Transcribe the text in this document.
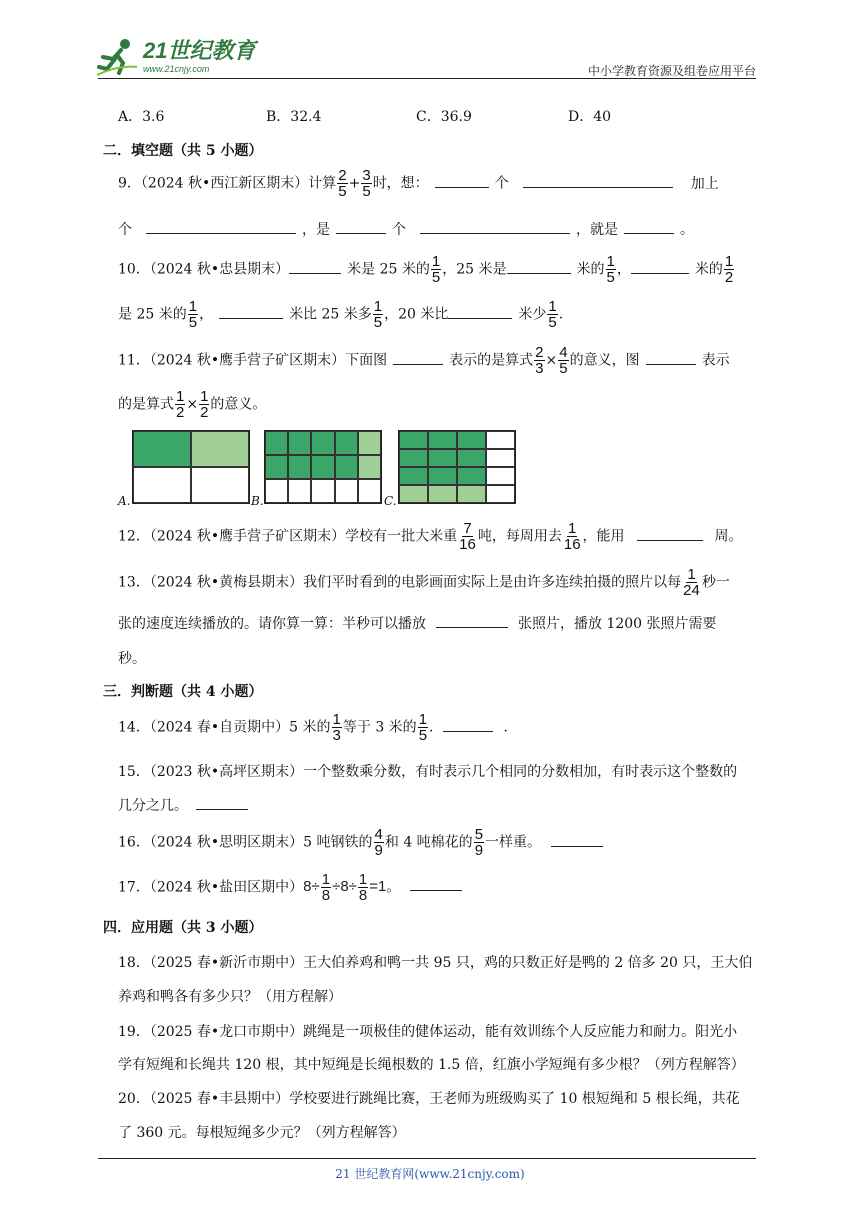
21世纪教育
www.21cnjy.com	中小学教育资源及组卷应用平台
A．3.6	B．32.4	C．36.9	D．40
二．填空题（共 5 小题）
9．（2024 秋•西江新区期末）计算 $\frac{2}{5} + \frac{3}{5}$ 时，想：	个	加上
个	，是	个	，就是	。
10．（2024 秋•忠县期末）	米是 25 米的 $\frac{1}{5}$ ，25 米是	米的 $\frac{1}{5}$ ，	米的 $\frac{1}{2}$
是 25 米的 $\frac{1}{5}$ ，	米比 25 米多 $\frac{1}{5}$ ，20 米比	米少 $\frac{1}{5}$ .
11．（2024 秋•鹰手营子矿区期末）下面图	表示的是算式 $\frac{2}{3} \times \frac{4}{5}$ 的意义，图	表示
的是算式 $\frac{1}{2} \times \frac{1}{2}$ 的意义。
A.	B.	C.
12．（2024 秋•鹰手营子矿区期末）学校有一批大米重 $\frac{7}{16}$ 吨，每周用去 $\frac{1}{16}$ ，能用	周。
13．（2024 秋•黄梅县期末）我们平时看到的电影画面实际上是由许多连续拍摄的照片以每 $\frac{1}{24}$ 秒一
张的速度连续播放的。请你算一算：半秒可以播放	张照片，播放 1200 张照片需要
秒。
三．判断题（共 4 小题）
14．（2024 春•自贡期中）5 米的 $\frac{1}{3}$ 等于 3 米的 $\frac{1}{5}$ .	.
15．（2023 秋•高坪区期末）一个整数乘分数，有时表示几个相同的分数相加，有时表示这个整数的
几分之几。
16．（2024 秋•思明区期末）5 吨钢铁的 $\frac{4}{9}$ 和 4 吨棉花的 $\frac{5}{9}$ 一样重。
17．（2024 秋•盐田区期中）$8\div \frac{1}{8} \div 8\div \frac{1}{8} =1$。
四．应用题（共 3 小题）
18．（2025 春•新沂市期中）王大伯养鸡和鸭一共 95 只，鸡的只数正好是鸭的 2 倍多 20 只，王大伯
养鸡和鸭各有多少只？（用方程解）
19．（2025 春•龙口市期中）跳绳是一项极佳的健体运动，能有效训练个人反应能力和耐力。阳光小
学有短绳和长绳共 120 根，其中短绳是长绳根数的 1.5 倍，红旗小学短绳有多少根？（列方程解答）
20．（2025 春•丰县期中）学校要进行跳绳比赛，王老师为班级购买了 10 根短绳和 5 根长绳，共花
了 360 元。每根短绳多少元？（列方程解答）
21 世纪教育网(www.21cnjy.com)
